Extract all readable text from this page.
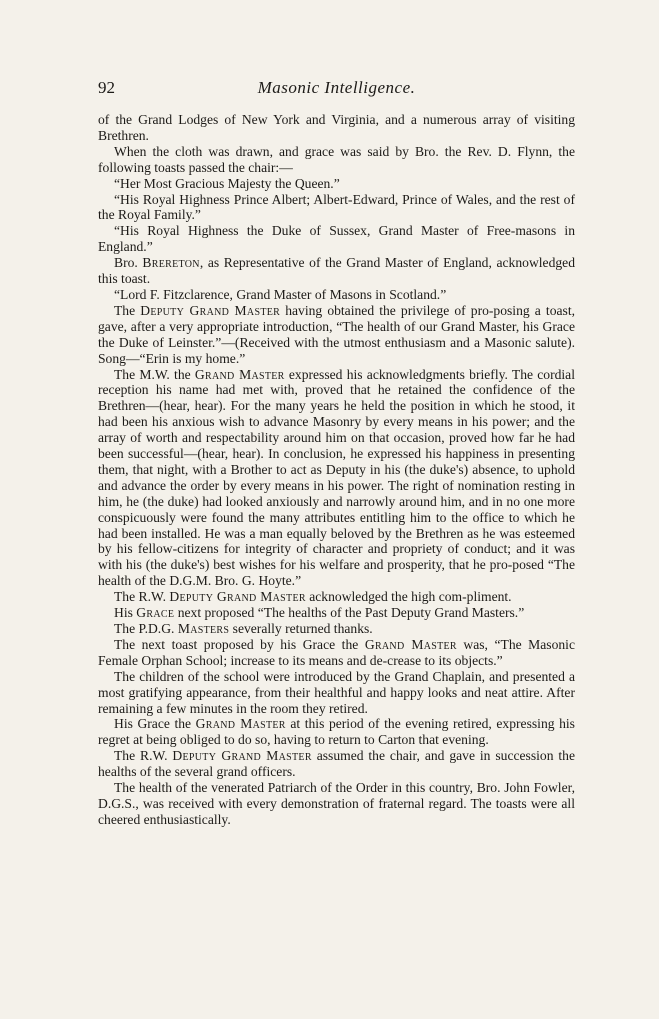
92	Masonic Intelligence.

of the Grand Lodges of New York and Virginia, and a numerous array of visiting Brethren.

When the cloth was drawn, and grace was said by Bro. the Rev. D. Flynn, the following toasts passed the chair:—

“Her Most Gracious Majesty the Queen.”

“His Royal Highness Prince Albert; Albert-Edward, Prince of Wales, and the rest of the Royal Family.”

“His Royal Highness the Duke of Sussex, Grand Master of Free-masons in England.”

Bro. Brereton, as Representative of the Grand Master of England, acknowledged this toast.

“Lord F. Fitzclarence, Grand Master of Masons in Scotland.”

The Deputy Grand Master having obtained the privilege of pro-posing a toast, gave, after a very appropriate introduction, “The health of our Grand Master, his Grace the Duke of Leinster.”—(Received with the utmost enthusiasm and a Masonic salute). Song—“Erin is my home.”

The M.W. the Grand Master expressed his acknowledgments briefly. The cordial reception his name had met with, proved that he retained the confidence of the Brethren—(hear, hear). For the many years he held the position in which he stood, it had been his anxious wish to advance Masonry by every means in his power; and the array of worth and respectability around him on that occasion, proved how far he had been successful—(hear, hear). In conclusion, he expressed his happiness in presenting them, that night, with a Brother to act as Deputy in his (the duke's) absence, to uphold and advance the order by every means in his power. The right of nomination resting in him, he (the duke) had looked anxiously and narrowly around him, and in no one more conspicuously were found the many attributes entitling him to the office to which he had been installed. He was a man equally beloved by the Brethren as he was esteemed by his fellow-citizens for integrity of character and propriety of conduct; and it was with his (the duke's) best wishes for his welfare and prosperity, that he pro-posed “The health of the D.G.M. Bro. G. Hoyte.”

The R.W. Deputy Grand Master acknowledged the high com-pliment.

His Grace next proposed “The healths of the Past Deputy Grand Masters.”

The P.D.G. Masters severally returned thanks.

The next toast proposed by his Grace the Grand Master was, “The Masonic Female Orphan School; increase to its means and de-crease to its objects.”

The children of the school were introduced by the Grand Chaplain, and presented a most gratifying appearance, from their healthful and happy looks and neat attire. After remaining a few minutes in the room they retired.

His Grace the Grand Master at this period of the evening retired, expressing his regret at being obliged to do so, having to return to Carton that evening.

The R.W. Deputy Grand Master assumed the chair, and gave in succession the healths of the several grand officers.

The health of the venerated Patriarch of the Order in this country, Bro. John Fowler, D.G.S., was received with every demonstration of fraternal regard. The toasts were all cheered enthusiastically.
